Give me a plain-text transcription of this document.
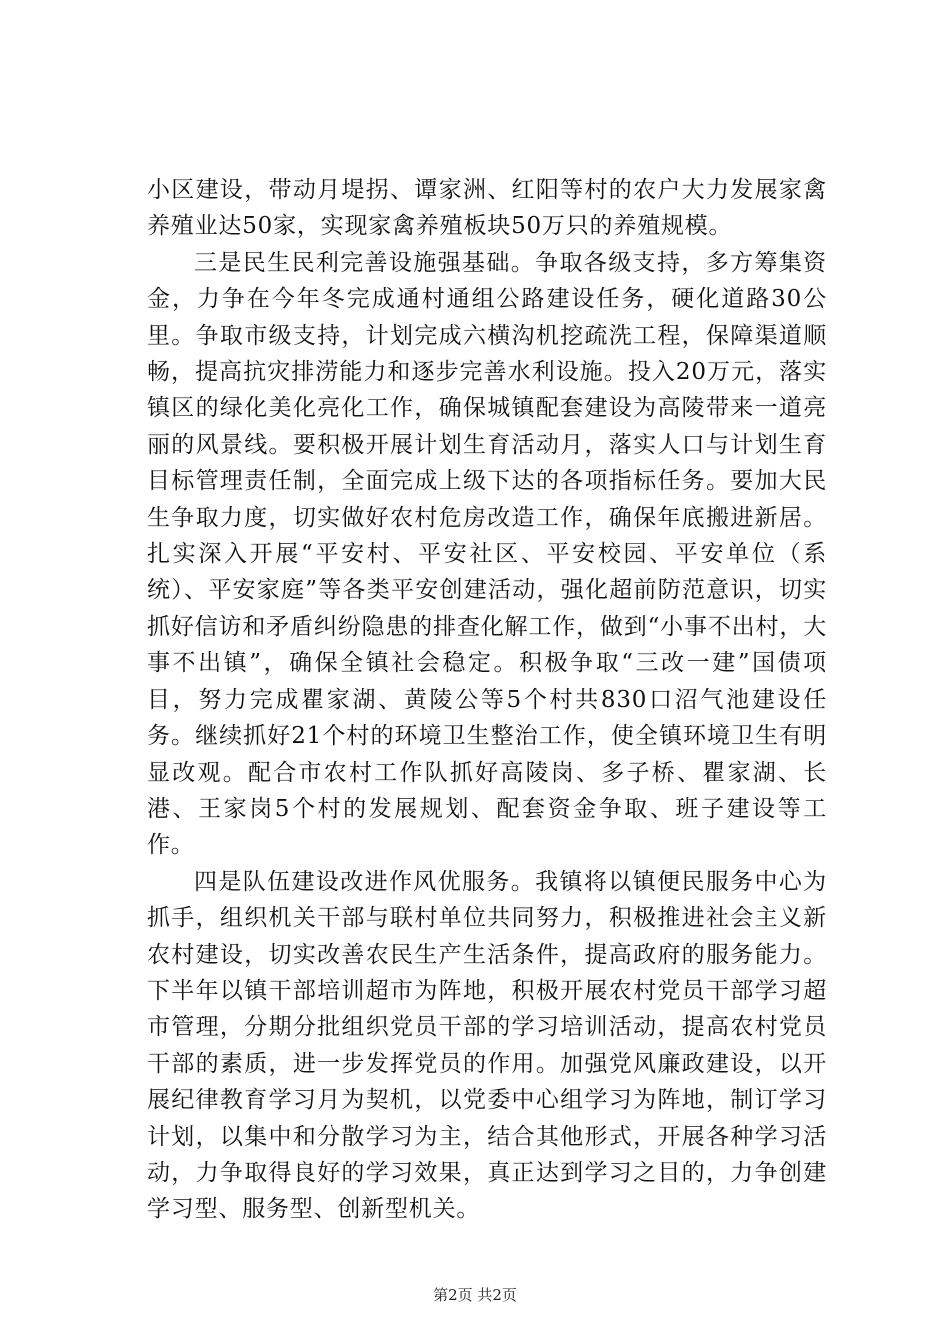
小区建设，带动月堤拐、谭家洲、红阳等村的农户大力发展家禽养殖业达50家，实现家禽养殖板块50万只的养殖规模。

三是民生民利完善设施强基础。争取各级支持，多方筹集资金，力争在今年冬完成通村通组公路建设任务，硬化道路30公里。争取市级支持，计划完成六横沟机挖疏洗工程，保障渠道顺畅，提高抗灾排涝能力和逐步完善水利设施。投入20万元，落实镇区的绿化美化亮化工作，确保城镇配套建设为高陵带来一道亮丽的风景线。要积极开展计划生育活动月，落实人口与计划生育目标管理责任制，全面完成上级下达的各项指标任务。要加大民生争取力度，切实做好农村危房改造工作，确保年底搬进新居。扎实深入开展“平安村、平安社区、平安校园、平安单位（系统）、平安家庭”等各类平安创建活动，强化超前防范意识，切实抓好信访和矛盾纠纷隐患的排查化解工作，做到“小事不出村，大事不出镇”，确保全镇社会稳定。积极争取“三改一建”国债项目，努力完成瞿家湖、黄陵公等5个村共830口沼气池建设任务。继续抓好21个村的环境卫生整治工作，使全镇环境卫生有明显改观。配合市农村工作队抓好高陵岗、多子桥、瞿家湖、长港、王家岗5个村的发展规划、配套资金争取、班子建设等工作。

四是队伍建设改进作风优服务。我镇将以镇便民服务中心为抓手，组织机关干部与联村单位共同努力，积极推进社会主义新农村建设，切实改善农民生产生活条件，提高政府的服务能力。下半年以镇干部培训超市为阵地，积极开展农村党员干部学习超市管理，分期分批组织党员干部的学习培训活动，提高农村党员干部的素质，进一步发挥党员的作用。加强党风廉政建设，以开展纪律教育学习月为契机，以党委中心组学习为阵地，制订学习计划，以集中和分散学习为主，结合其他形式，开展各种学习活动，力争取得良好的学习效果，真正达到学习之目的，力争创建学习型、服务型、创新型机关。

第2页 共2页
